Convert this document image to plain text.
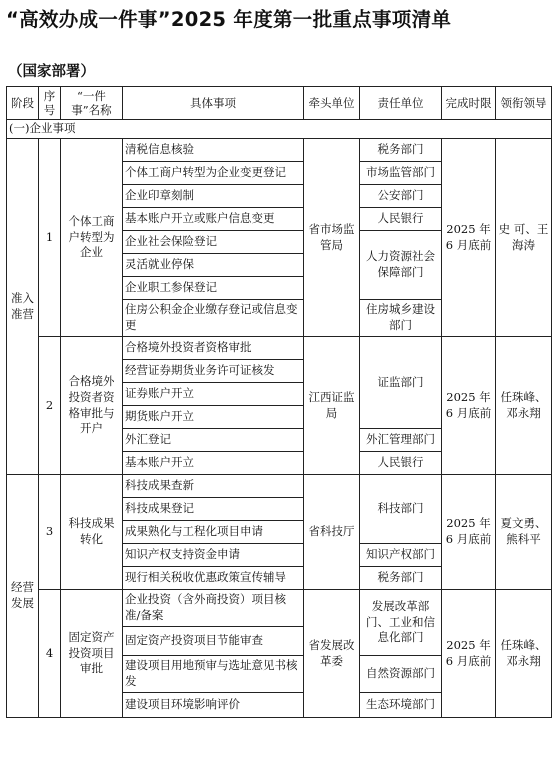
“高效办成一件事”2025 年度第一批重点事项清单
（国家部署）
阶段	序号	“一件事”名称	具体事项	牵头单位	责任单位	完成时限	领衔领导
(一)企业事项							
准入准营	1	个体工商户转型为企业	清税信息核验	省市场监管局	税务部门	2025 年 6 月底前	史 可、王海涛
			个体工商户转型为企业变更登记		市场监管部门		
			企业印章刻制		公安部门		
			基本账户开立或账户信息变更		人民银行		
			企业社会保险登记		人力资源社会保障部门		
			灵活就业停保				
			企业职工参保登记				
			住房公积金企业缴存登记或信息变更		住房城乡建设部门		
	2	合格境外投资者资格审批与开户	合格境外投资者资格审批	江西证监局	证监部门	2025 年 6 月底前	任珠峰、邓永翔
			经营证券期货业务许可证核发				
			证券账户开立				
			期货账户开立				
			外汇登记		外汇管理部门		
			基本账户开立		人民银行		
经营发展	3	科技成果转化	科技成果查新	省科技厅	科技部门	2025 年 6 月底前	夏文勇、熊科平
			科技成果登记				
			成果熟化与工程化项目申请				
			知识产权支持资金申请		知识产权部门		
			现行相关税收优惠政策宣传辅导		税务部门		
	4	固定资产投资项目审批	企业投资（含外商投资）项目核准/备案	省发展改革委	发展改革部门、工业和信息化部门	2025 年 6 月底前	任珠峰、邓永翔
			固定资产投资项目节能审查				
			建设项目用地预审与选址意见书核发		自然资源部门		
			建设项目环境影响评价		生态环境部门		
